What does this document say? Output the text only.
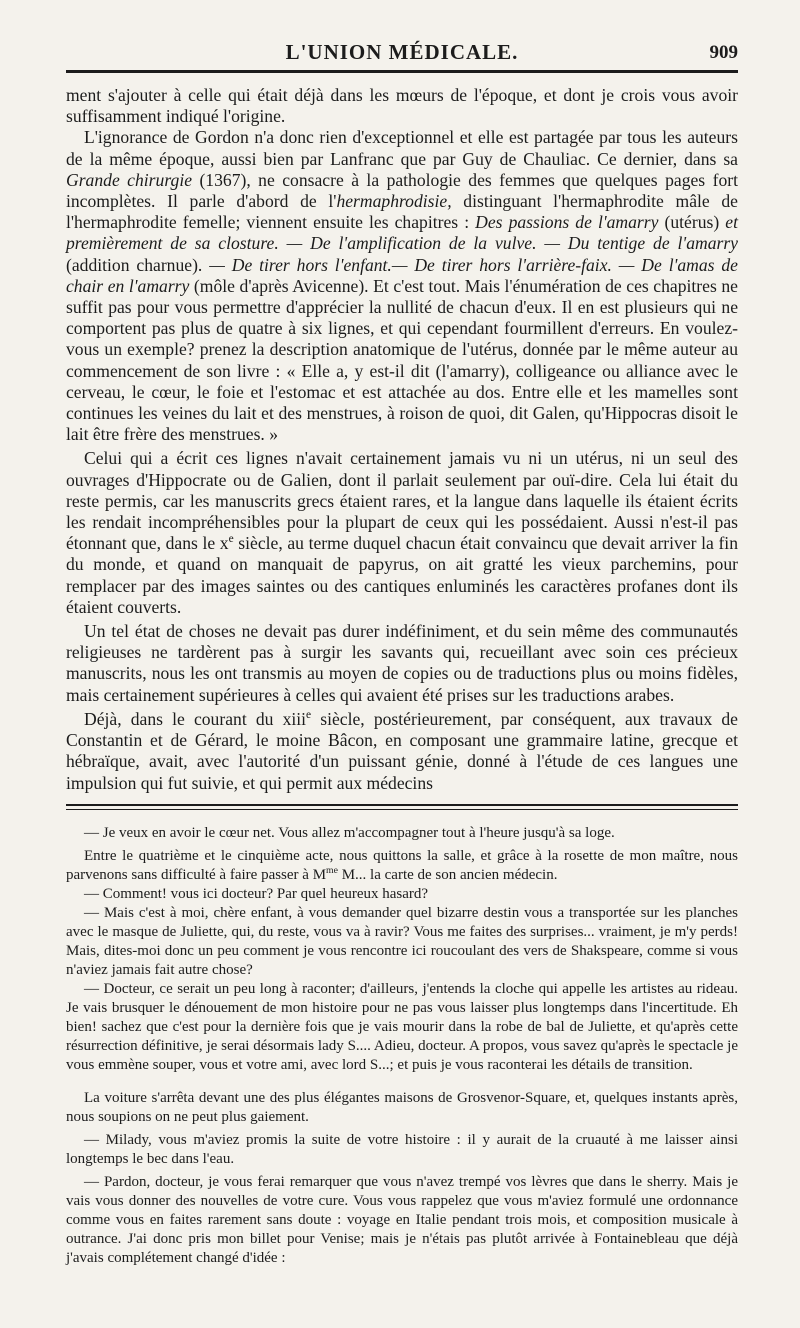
L'UNION MÉDICALE.	909

ment s'ajouter à celle qui était déjà dans les mœurs de l'époque, et dont je crois vous avoir suffisamment indiqué l'origine.

L'ignorance de Gordon n'a donc rien d'exceptionnel et elle est partagée par tous les auteurs de la même époque, aussi bien par Lanfranc que par Guy de Chauliac. Ce dernier, dans sa Grande chirurgie (1367), ne consacre à la pathologie des femmes que quelques pages fort incomplètes. Il parle d'abord de l'hermaphrodisie, distinguant l'hermaphrodite mâle de l'hermaphrodite femelle; viennent ensuite les chapitres : Des passions de l'amarry (utérus) et premièrement de sa closture. — De l'amplification de la vulve. — Du tentige de l'amarry (addition charnue). — De tirer hors l'enfant.— De tirer hors l'arrière-faix. — De l'amas de chair en l'amarry (môle d'après Avicenne). Et c'est tout. Mais l'énumération de ces chapitres ne suffit pas pour vous permettre d'apprécier la nullité de chacun d'eux. Il en est plusieurs qui ne comportent pas plus de quatre à six lignes, et qui cependant fourmillent d'erreurs. En voulez-vous un exemple? prenez la description anatomique de l'utérus, donnée par le même auteur au commencement de son livre : « Elle a, y est-il dit (l'amarry), colligeance ou alliance avec le cerveau, le cœur, le foie et l'estomac et est attachée au dos. Entre elle et les mamelles sont continues les veines du lait et des menstrues, à roison de quoi, dit Galen, qu'Hippocras disoit le lait être frère des menstrues. »

Celui qui a écrit ces lignes n'avait certainement jamais vu ni un utérus, ni un seul des ouvrages d'Hippocrate ou de Galien, dont il parlait seulement par ouï-dire. Cela lui était du reste permis, car les manuscrits grecs étaient rares, et la langue dans laquelle ils étaient écrits les rendait incompréhensibles pour la plupart de ceux qui les possédaient. Aussi n'est-il pas étonnant que, dans le $x^e$ siècle, au terme duquel chacun était convaincu que devait arriver la fin du monde, et quand on manquait de papyrus, on ait gratté les vieux parchemins, pour remplacer par des images saintes ou des cantiques enluminés les caractères profanes dont ils étaient couverts.

Un tel état de choses ne devait pas durer indéfiniment, et du sein même des communautés religieuses ne tardèrent pas à surgir les savants qui, recueillant avec soin ces précieux manuscrits, nous les ont transmis au moyen de copies ou de traductions plus ou moins fidèles, mais certainement supérieures à celles qui avaient été prises sur les traductions arabes.

Déjà, dans le courant du xiii$^e$ siècle, postérieurement, par conséquent, aux travaux de Constantin et de Gérard, le moine Bâcon, en composant une grammaire latine, grecque et hébraïque, avait, avec l'autorité d'un puissant génie, donné à l'étude de ces langues une impulsion qui fut suivie, et qui permit aux médecins

— Je veux en avoir le cœur net. Vous allez m'accompagner tout à l'heure jusqu'à sa loge.

Entre le quatrième et le cinquième acte, nous quittons la salle, et grâce à la rosette de mon maître, nous parvenons sans difficulté à faire passer à $M^{me}$ M... la carte de son ancien médecin.

— Comment! vous ici docteur? Par quel heureux hasard?

— Mais c'est à moi, chère enfant, à vous demander quel bizarre destin vous a transportée sur les planches avec le masque de Juliette, qui, du reste, vous va à ravir? Vous me faites des surprises... vraiment, je m'y perds! Mais, dites-moi donc un peu comment je vous rencontre ici roucoulant des vers de Shakspeare, comme si vous n'aviez jamais fait autre chose?

— Docteur, ce serait un peu long à raconter; d'ailleurs, j'entends la cloche qui appelle les artistes au rideau. Je vais brusquer le dénouement de mon histoire pour ne pas vous laisser plus longtemps dans l'incertitude. Eh bien! sachez que c'est pour la dernière fois que je vais mourir dans la robe de bal de Juliette, et qu'après cette résurrection définitive, je serai désormais lady S.... Adieu, docteur. A propos, vous savez qu'après le spectacle je vous emmène souper, vous et votre ami, avec lord S...; et puis je vous raconterai les détails de transition.

La voiture s'arrêta devant une des plus élégantes maisons de Grosvenor-Square, et, quelques instants après, nous soupions on ne peut plus gaiement.

— Milady, vous m'aviez promis la suite de votre histoire : il y aurait de la cruauté à me laisser ainsi longtemps le bec dans l'eau.

— Pardon, docteur, je vous ferai remarquer que vous n'avez trempé vos lèvres que dans le sherry. Mais je vais vous donner des nouvelles de votre cure. Vous vous rappelez que vous m'aviez formulé une ordonnance comme vous en faites rarement sans doute : voyage en Italie pendant trois mois, et composition musicale à outrance. J'ai donc pris mon billet pour Venise; mais je n'étais pas plutôt arrivée à Fontainebleau que déjà j'avais complétement changé d'idée :
